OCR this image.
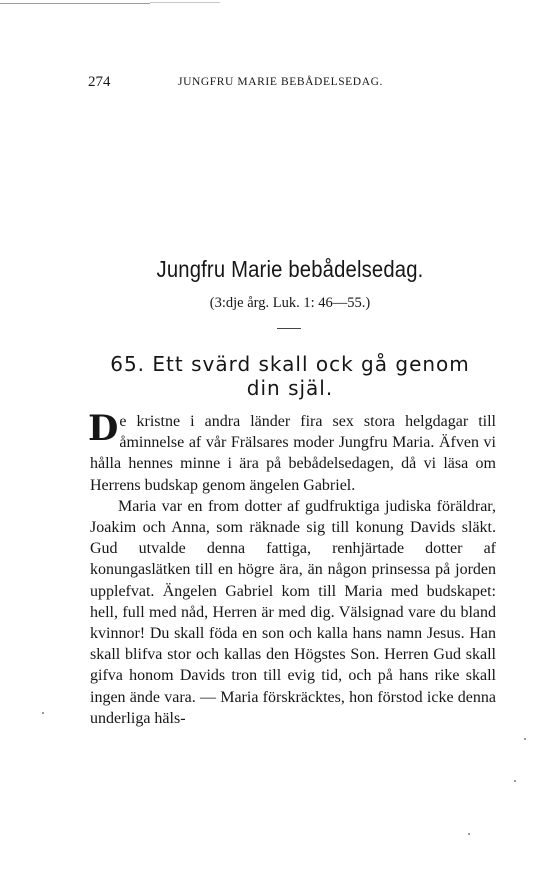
274	JUNGFRU MARIE BEBÅDELSEDAG.
Jungfru Marie bebådelsedag.
(3:dje årg. Luk. 1: 46—55.)
65. Ett svärd skall ock gå genom din själ.

De kristne i andra länder fira sex stora helgdagar till åminnelse af vår Frälsares moder Jungfru Maria. Äfven vi hålla hennes minne i ära på bebådelsedagen, då vi läsa om Herrens budskap genom ängelen Gabriel.

Maria var en from dotter af gudfruktiga judiska föräldrar, Joakim och Anna, som räknade sig till konung Davids släkt. Gud utvalde denna fattiga, renhjärtade dotter af konungaslätken till en högre ära, än någon prinsessa på jorden upplefvat. Ängelen Gabriel kom till Maria med budskapet: hell, full med nåd, Herren är med dig. Välsignad vare du bland kvinnor! Du skall föda en son och kalla hans namn Jesus. Han skall blifva stor och kallas den Högstes Son. Herren Gud skall gifva honom Davids tron till evig tid, och på hans rike skall ingen ände vara. — Maria förskräcktes, hon förstod icke denna underliga häls-
